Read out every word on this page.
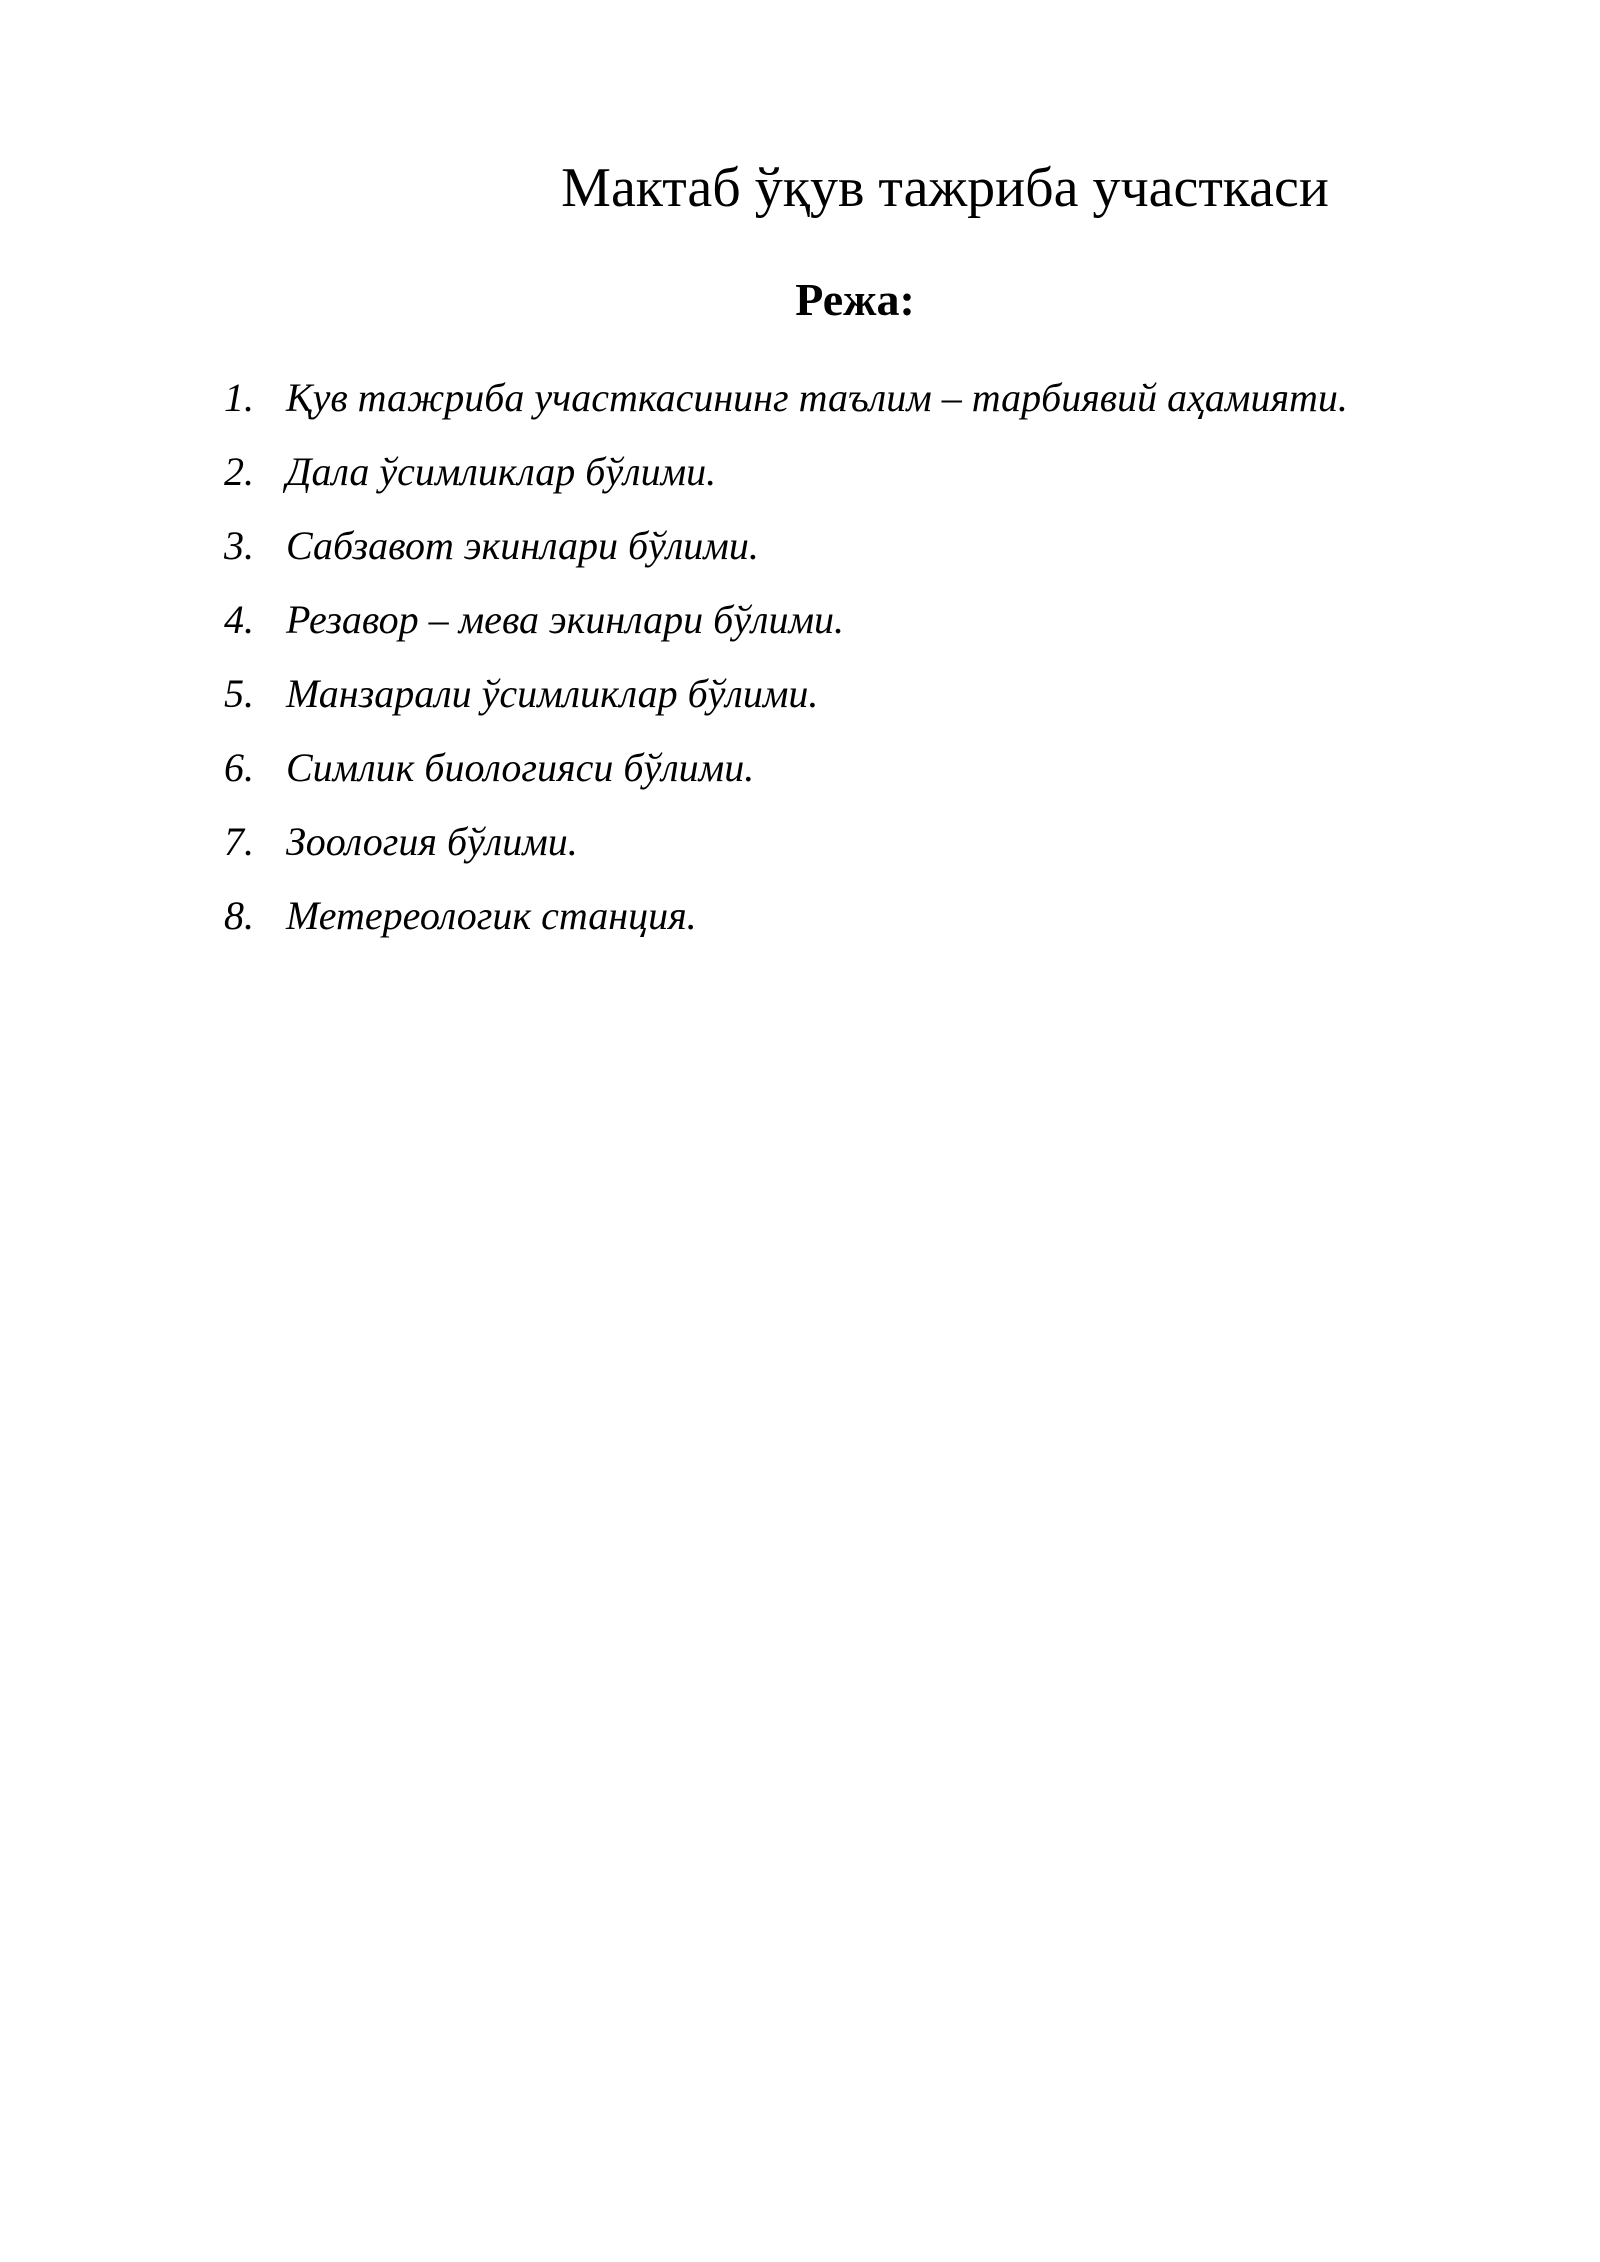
Мактаб ўқув тажриба участкаси
Режа:
1. Қув тажриба участкасининг таълим – тарбиявий аҳамияти.
2. Дала ўсимликлар бўлими.
3. Сабзавот экинлари бўлими.
4. Резавор – мева экинлари бўлими.
5. Манзарали ўсимликлар бўлими.
6. Симлик биологияси бўлими.
7. Зоология бўлими.
8. Метереологик станция.
